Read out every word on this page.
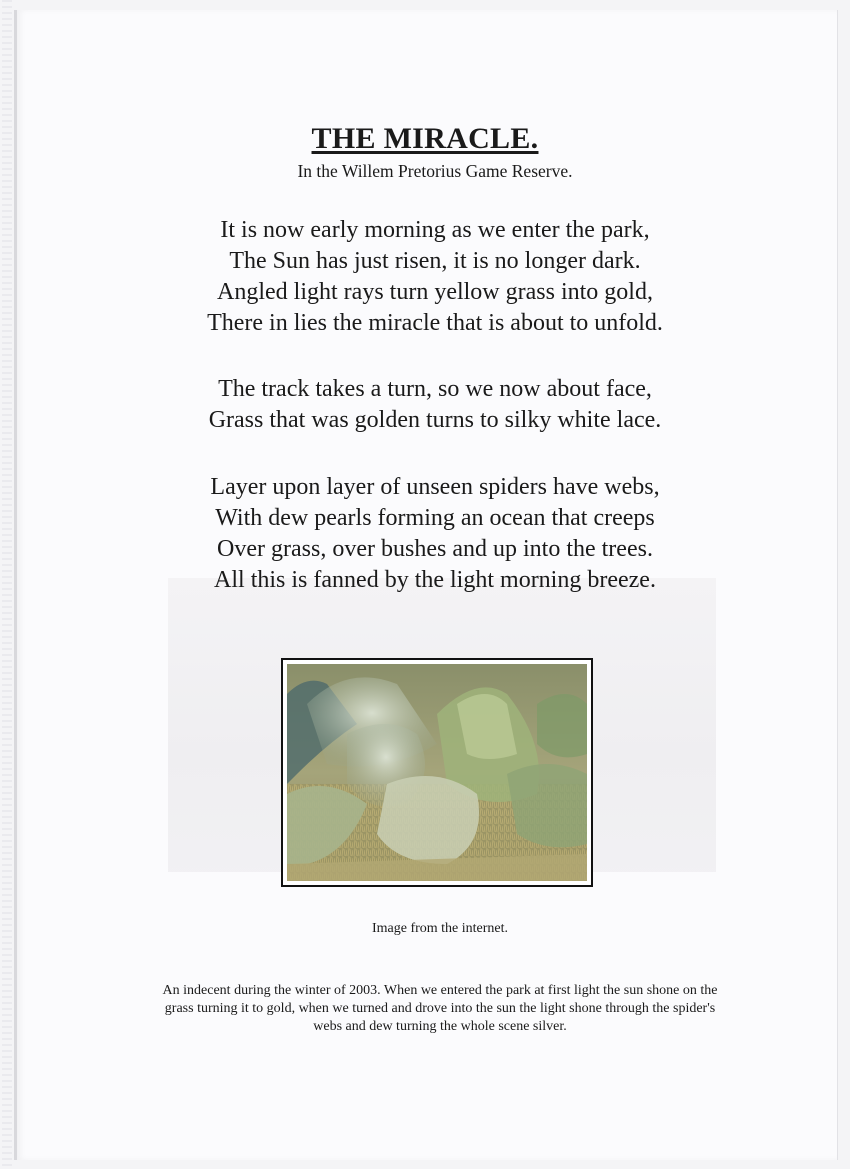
THE MIRACLE.
In the Willem Pretorius Game Reserve.
It is now early morning as we enter the park,
The Sun has just risen, it is no longer dark.
Angled light rays turn yellow grass into gold,
There in lies the miracle that is about to unfold.
The track takes a turn, so we now about face,
Grass that was golden turns to silky white lace.
Layer upon layer of unseen spiders have webs,
With dew pearls forming an ocean that creeps
Over grass, over bushes and up into the trees.
All this is fanned by the light morning breeze.
Image from the internet.
An indecent during the winter of 2003. When we entered the park at first light the sun shone on the
grass turning it to gold, when we turned and drove into the sun the light shone through the spider's
webs and dew turning the whole scene silver.
